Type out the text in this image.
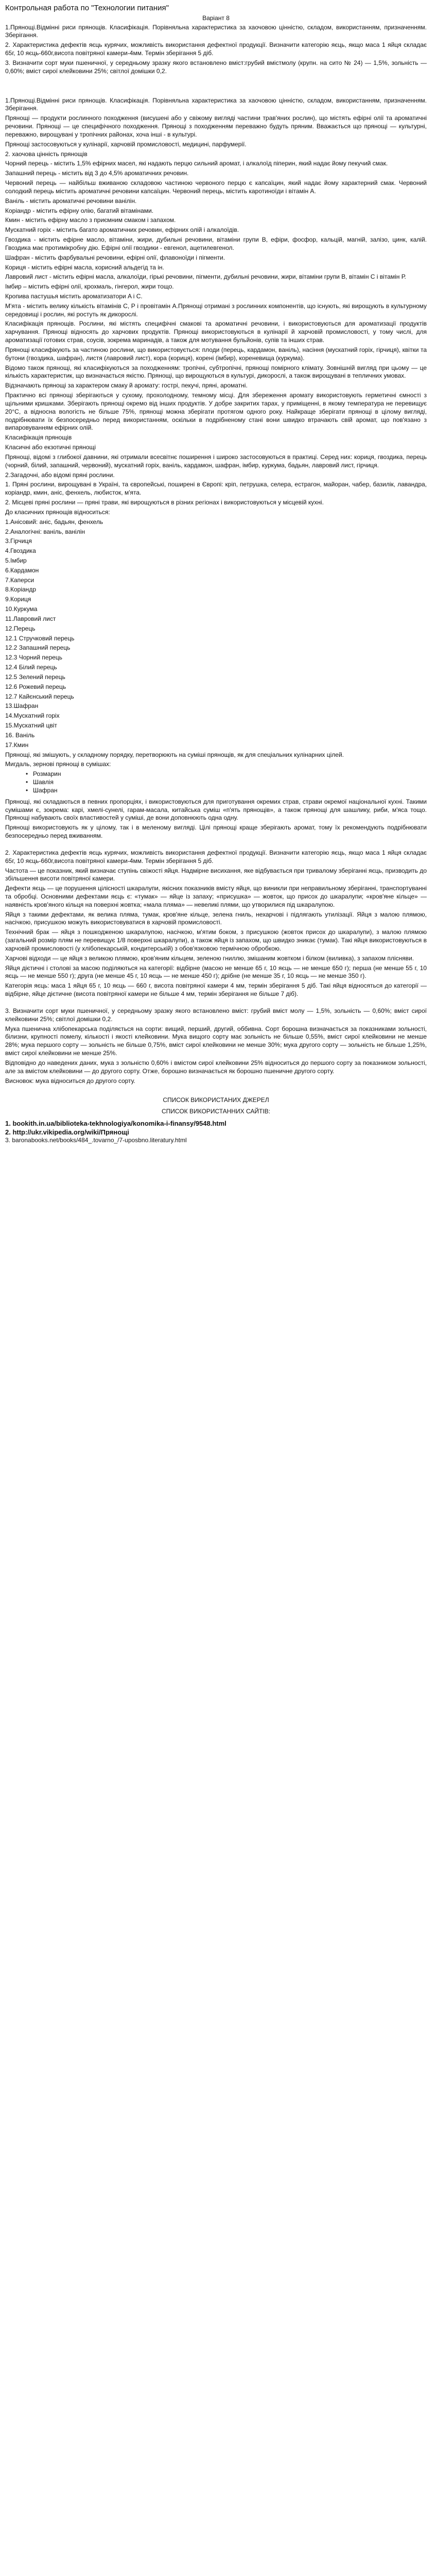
Контрольная работа по "Технологии питания"
Варіант 8

1.Прянощі.Відмінні риси прянощів. Класифікація. Порівняльна характеристика за хаочовою цінністю, складом, використанням, призначенням. Зберігання.

2. Характеристика дефектів яєць курячих, можливість використання дефектної продукції. Визначити категорію яєць, якщо маса 1 яйця складає 65г, 10 яєць-660г,висота повітряної камери-4мм. Термін зберігання 5 діб.

3. Визначити сорт муки пшеничної, у середньому зразку якого встановлено вміст:грубий вмістмолу (крупн. на сито № 24) — 1,5%, зольність — 0,60%; вміст сирої клейковини 25%; світлої домішки 0,2.

1.Прянощі.Відмінні риси прянощів. Класифікація. Порівняльна характеристика за хаочовою цінністю, складом, використанням, призначенням. Зберігання.

Прянощі — продукти рослинного походження (висушені або у свіжому вигляді частини трав'яних рослин), що містять ефірні олії та ароматичні речовини. Прянощі — це специфічного походження. Прянощі з походженням переважно будуть пряним. Вважається що прянощі — культурні, переважно, вирощувані у тропічних районах, хоча інші - в культурі.

Прянощі застосовуються у кулінарії, харчовій промисловості, медицині, парфумерії.

2. хаочова цінність прянощів

Чорний перець - містить 1,5% ефірних масел, які надають перцю сильний аромат, і алкалоїд піперин, який надає йому пекучий смак.

Запашний перець - містить від 3 до 4,5% ароматичних речовин.

Червоний перець — найбільш вживаною складовою частиною червоного перцю є капсаїцин, який надає йому характерний смак. Червоний солодкий перець містить ароматичні речовини капсаїцин. Червоний перець, містить каротиноїди і вітамін А.

Ваніль - містить ароматичні речовини ванілін.

Коріандр - містить ефірну олію, багатий вітамінами.

Кмин - містить ефірну масло з приємним смаком і запахом.

Мускатний горіх - містить багато ароматичних речовин, ефірних олій і алкалоїдів.

Гвоздика - містить ефірне масло, вітаміни, жири, дубильні речовини, вітаміни групи В, ефіри, фосфор, кальцій, магній, залізо, цинк, калій. Гвоздика має протимікробну дію. Ефірні олії гвоздики - евгенол, ацетилевгенол.

Шафран - містить фарбувальні речовини, ефірні олії, флавоноїди і пігменти.

Кориця - містить ефірні масла, корисний альдегід та ін.

Лавровий лист - містить ефірні масла, алкалоїди, гірькі речовини, пігменти, дубильні речовини, жири, вітаміни групи В, вітамін С і вітамін Р.

Імбир – містить ефірні олії, крохмаль, гінгерол, жири тощо.

Кропива пастушья містить ароматизатори A і C.

М'ята - містить велику кількість вітамінів С, Р і провітамін А.Прянощі отримані з рослинних компонентів, що існують, які вирощують в культурному середовищі і рослин, які ростуть як дикорослі.

Класифікація прянощів. Рослини, які містять специфічні смакові та ароматичні речовини, і використовуються для ароматизації продуктів харчування. Прянощі відносять до харчових продуктів. Прянощі використовуються в кулінарії й харчовій промисловості, у тому числі, для ароматизації готових страв, соусів, зокрема маринадів, а також для мотування бульйонів, супів та інших страв.

Прянощі класифікують за частиною рослини, що використовується: плоди (перець, кардамон, ваніль), насіння (мускатний горіх, гірчиця), квітки та бутони (гвоздика, шафран), листя (лавровий лист), кора (кориця), корені (імбир), кореневища (куркума).

Відомо також прянощі, які класифікуються за походженням: тропічні, субтропічні, прянощі помірного клімату. Зовнішній вигляд при цьому — це кількість характеристик, що визначається якістю. Прянощі, що вирощуються в культурі, дикорослі, а також вирощувані в тепличних умовах.

Відзначають прянощі за характером смаку й аромату: гострі, пекучі, пряні, ароматні.

Практично всі прянощі зберігаються у сухому, прохолодному, темному місці. Для збереження аромату використовують герметичні ємності з щільними кришками. Зберігають прянощі окремо від інших продуктів. У добре закритих тарах, у приміщенні, в якому температура не перевищує 20°С, а відносна вологість не більше 75%, прянощі можна зберігати протягом одного року. Найкраще зберігати прянощі в цілому вигляді, подрібнювати їх безпосередньо перед використанням, оскільки в подрібненому стані вони швидко втрачають свій аромат, що пов'язано з випаровуванням ефірних олій.

Класифікація прянощів

Класичні або екзотичні прянощі

Прянощі, відомі з глибокої давнини, які отримали всесвітнє поширення і широко застосовуються в практиці. Серед них: кориця, гвоздика, перець (чорний, білий, запашний, червоний), мускатний горіх, ваніль, кардамон, шафран, імбир, куркума, бадьян, лавровий лист, гірчиця.

2.Загадочні, або відомі пряні рослини.

1. Пряні рослини, вирощувані в Україні, та європейські, поширені в Європі: кріп, петрушка, селера, естрагон, майоран, чабер, базилік, лавандра, коріандр, кмин, аніс, фенхель, любисток, м'ята.

2. Місцеві пряні рослини — пряні трави, які вирощуються в різних регіонах і використовуються у місцевій кухні.

До класичних прянощів відноситься:

1.Анісовий: аніс, бадьян, фенхель

2.Аналогічні: ваніль, ванілін

3.Гірчиця

4.Гвоздика

5.Імбир

6.Кардамон

7.Каперси

8.Коріандр

9.Кориця

10.Куркума

11.Лавровий лист

12.Перець

12.1 Стручковий перець

12.2 Запашний перець

12.3 Чорний перець

12.4 Білий перець

12.5 Зелений перець

12.6 Рожевий перець

12.7 Кайєнський перець

13.Шафран

14.Мускатний горіх

15.Мускатний цвіт

16. Ваніль

17.Кмин

Прянощі, які змішують, у складному порядку, перетворюють на суміші прянощів, як для спеціальних кулінарних цілей.

Мигдаль, зернові прянощі в сумішах:

• Розмарин
• Шавлія
• Шафран

Прянощі, які складаються в певних пропорціях, і використовуються для приготування окремих страв, страви окремої національної кухні. Такими сумішами є, зокрема: карі, хмелі-сунелі, гарам-масала, китайська суміш «п'ять прянощів», а також прянощі для шашлику, риби, м'яса тощо. Прянощі набувають своїх властивостей у суміші, де вони доповнюють одна одну.

Прянощі використовують як у цілому, так і в меленому вигляді. Цілі прянощі краще зберігають аромат, тому їх рекомендують подрібнювати безпосередньо перед вживанням.

2. Характеристика дефектів яєць курячих, можливість використання дефектної продукції. Визначити категорію яєць, якщо маса 1 яйця складає 65г, 10 яєць-660г,висота повітряної камери-4мм. Термін зберігання 5 діб.

Частота — це показник, який визначає ступінь свіжості яйця. Надмірне висихання, яке відбувається при тривалому зберіганні яєць, призводить до збільшення висоти повітряної камери.

Дефекти яєць — це порушення цілісності шкаралупи, якісних показників вмісту яйця, що виникли при неправильному зберіганні, транспортуванні та обробці. Основними дефектами яєць є: «тумак» — яйце із запаху; «присушка» — жовток, що присох до шкаралупи; «кров'яне кільце» — наявність кров'яного кільця на поверхні жовтка; «мала пляма» — невеликі плями, що утворилися під шкаралупою.

Яйця з такими дефектами, як велика пляма, тумак, кров'яне кільце, зелена гниль, нехарчові і підлягають утилізації. Яйця з малою плямою, насічкою, присушкою можуть використовуватися в харчовій промисловості.

Технічний брак — яйця з пошкодженою шкаралупою, насічкою, м'ятим боком, з присушкою (жовток присох до шкаралупи), з малою плямою (загальний розмір плям не перевищує 1/8 поверхні шкаралупи), а також яйця із запахом, що швидко зникає (тумак). Такі яйця використовуються в харчовій промисловості (у хлібопекарській, кондитерській) з обов'язковою термічною обробкою.

Харчові відходи — це яйця з великою плямою, кров'яним кільцем, зеленою гниллю, змішаним жовтком і білком (виливка), з запахом плісняви.

Яйця дієтичні і столові за масою поділяються на категорії: відбірне (масою не менше 65 г, 10 яєць — не менше 650 г); перша (не менше 55 г, 10 яєць — не менше 550 г); друга (не менше 45 г, 10 яєць — не менше 450 г); дрібне (не менше 35 г, 10 яєць — не менше 350 г).

Категорія яєць: маса 1 яйця 65 г, 10 яєць — 660 г, висота повітряної камери 4 мм, термін зберігання 5 діб. Такі яйця відносяться до категорії — відбірне, яйце дієтичне (висота повітряної камери не більше 4 мм, термін зберігання не більше 7 діб).

3. Визначити сорт муки пшеничної, у середньому зразку якого встановлено вміст: грубий вміст молу — 1,5%, зольність — 0,60%; вміст сирої клейковини 25%; світлої домішки 0,2.

Мука пшенична хлібопекарська поділяється на сорти: вищий, перший, другий, оббивна. Сорт борошна визначається за показниками зольності, білизни, крупності помелу, кількості і якості клейковини. Мука вищого сорту має зольність не більше 0,55%, вміст сирої клейковини не менше 28%; мука першого сорту — зольність не більше 0,75%, вміст сирої клейковини не менше 30%; мука другого сорту — зольність не більше 1,25%, вміст сирої клейковини не менше 25%.

Відповідно до наведених даних, мука з зольністю 0,60% і вмістом сирої клейковини 25% відноситься до першого сорту за показником зольності, але за вмістом клейковини — до другого сорту. Отже, борошно визначається як борошно пшеничне другого сорту.

Висновок: мука відноситься до другого сорту.

СПИСОК ВИКОРИСТАНИХ ДЖЕРЕЛ
СПИСОК ВИКОРИСТАННИХ САЙТІВ:
1. bookith.in.ua/biblioteka-tekhnologiya/konomika-i-finansy/9548.html
2. http://ukr.vikipedia.org/wiki/Прянощі
3. baronabooks.net/books/484_.tovarno_/7-uposbno.literatury.html
